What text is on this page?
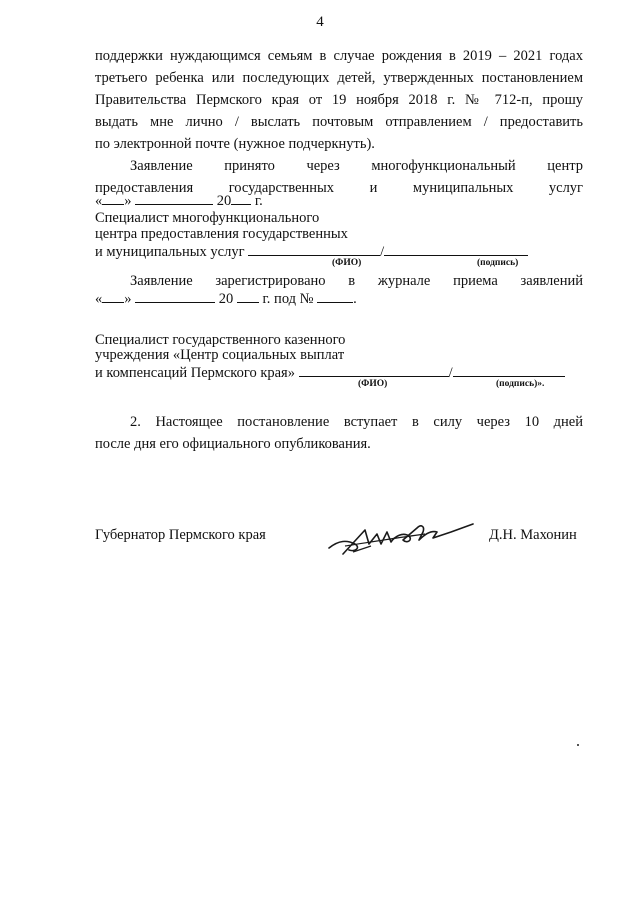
4
поддержки нуждающимся семьям в случае рождения в 2019 – 2021 годах
третьего ребенка или последующих детей, утвержденных постановлением
Правительства Пермского края от 19 ноября 2018 г. № 712-п, прошу
выдать мне лично / выслать почтовым отправлением / предоставить
по электронной почте (нужное подчеркнуть).
Заявление принято через многофункциональный центр
предоставления государственных и муниципальных услуг
« »	20 г.
Специалист многофункционального
центра предоставления государственных
и муниципальных услуг	/
(ФИО)	(подпись)
Заявление зарегистрировано в журнале приема заявлений
« »	20 г. под №	.
Специалист государственного казенного
учреждения «Центр социальных выплат
и компенсаций Пермского края»	/
(ФИО)	(подпись)».
2. Настоящее постановление вступает в силу через 10 дней
после дня его официального опубликования.
Губернатор Пермского края	Д.Н. Махонин
